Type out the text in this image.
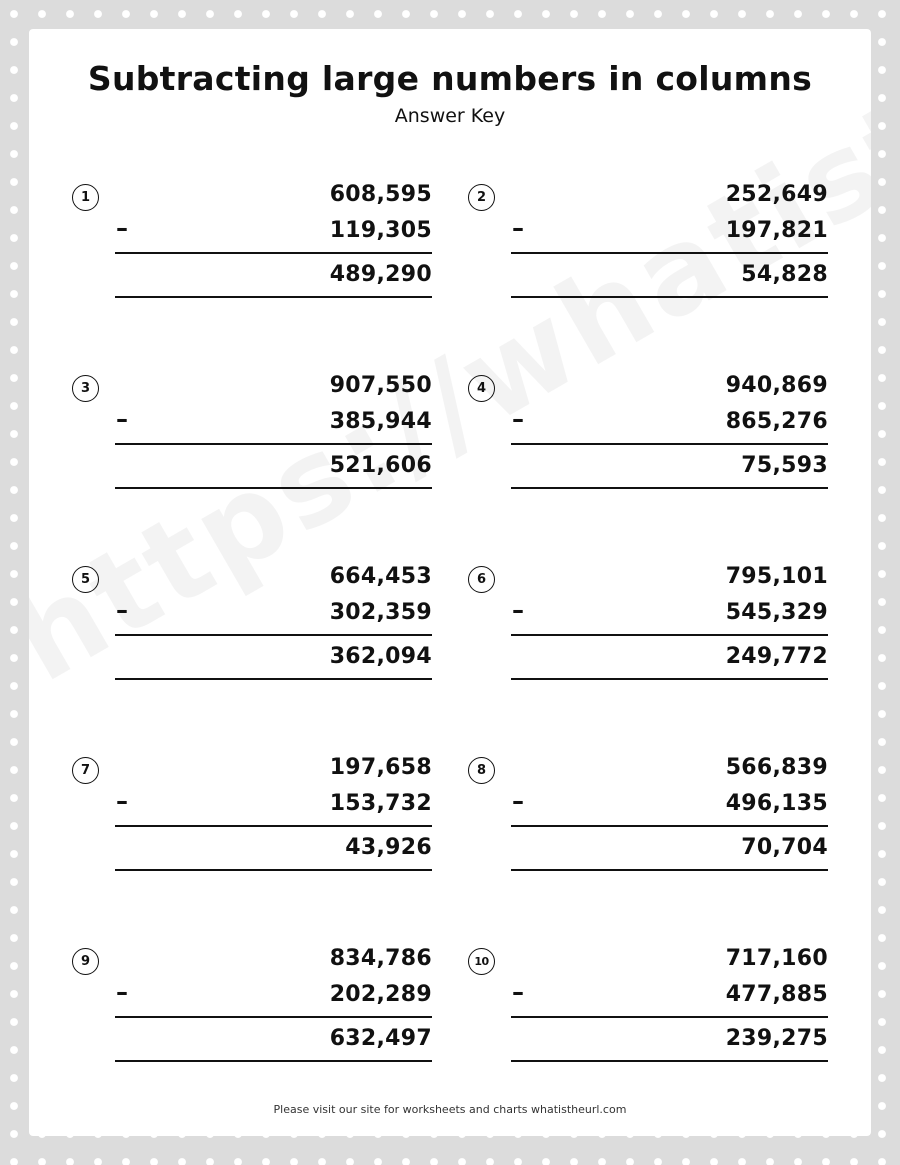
Subtracting large numbers in columns

Answer Key

1	608,595
–	119,305
489,290
2	252,649
–	197,821
54,828
3	907,550
–	385,944
521,606
4	940,869
–	865,276
75,593
5	664,453
–	302,359
362,094
6	795,101
–	545,329
249,772
7	197,658
–	153,732
43,926
8	566,839
–	496,135
70,704
9	834,786
–	202,289
632,497
10	717,160
–	477,885
239,275
Please visit our site for worksheets and charts whatistheurl.com
